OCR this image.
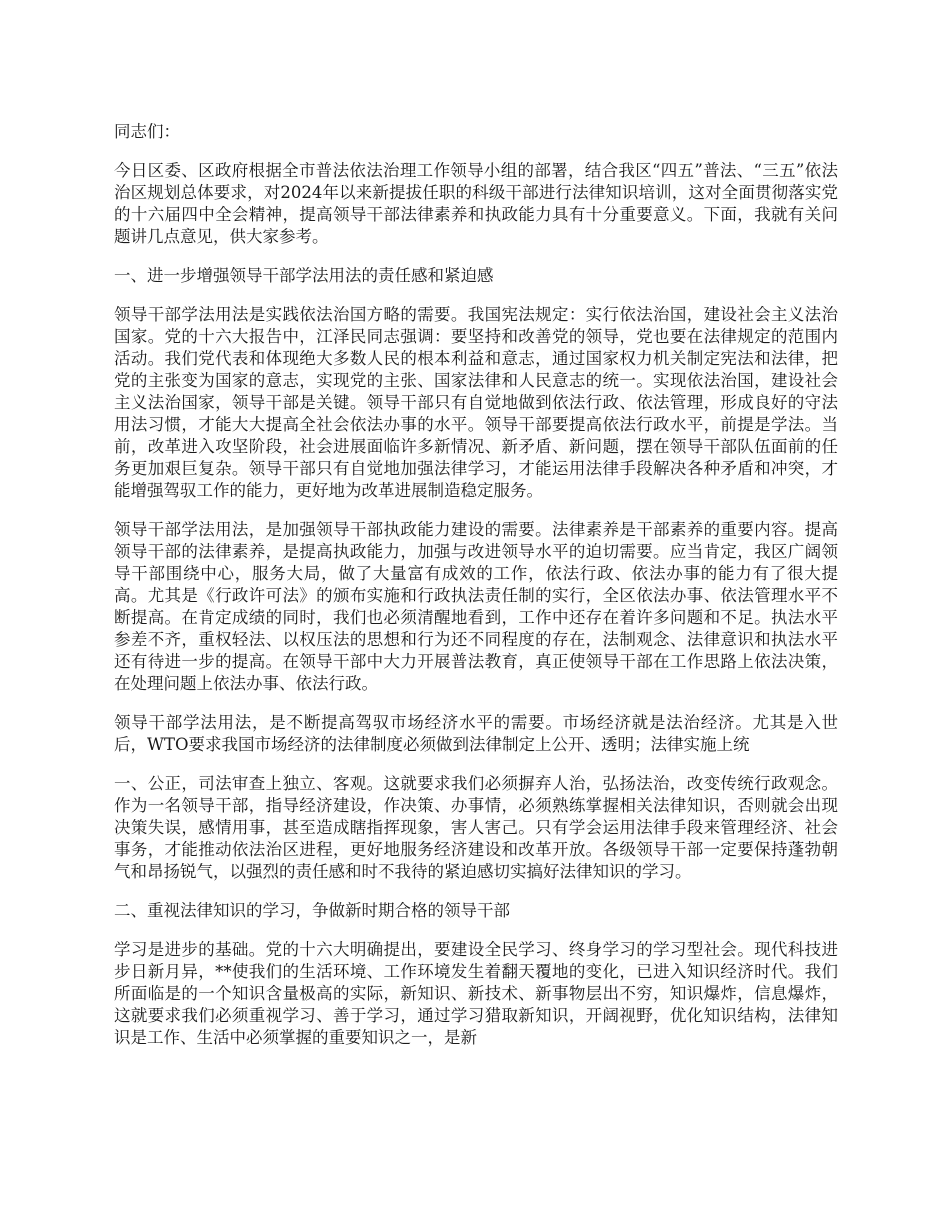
同志们：

今日区委、区政府根据全市普法依法治理工作领导小组的部署，结合我区“四五”普法、“三五”依法治区规划总体要求，对2024年以来新提拔任职的科级干部进行法律知识培训，这对全面贯彻落实党的十六届四中全会精神，提高领导干部法律素养和执政能力具有十分重要意义。下面，我就有关问题讲几点意见，供大家参考。

一、进一步增强领导干部学法用法的责任感和紧迫感

领导干部学法用法是实践依法治国方略的需要。我国宪法规定：实行依法治国，建设社会主义法治国家。党的十六大报告中，江泽民同志强调：要坚持和改善党的领导，党也要在法律规定的范围内活动。我们党代表和体现绝大多数人民的根本利益和意志，通过国家权力机关制定宪法和法律，把党的主张变为国家的意志，实现党的主张、国家法律和人民意志的统一。实现依法治国，建设社会主义法治国家，领导干部是关键。领导干部只有自觉地做到依法行政、依法管理，形成良好的守法用法习惯，才能大大提高全社会依法办事的水平。领导干部要提高依法行政水平，前提是学法。当前，改革进入攻坚阶段，社会进展面临许多新情况、新矛盾、新问题，摆在领导干部队伍面前的任务更加艰巨复杂。领导干部只有自觉地加强法律学习，才能运用法律手段解决各种矛盾和冲突，才能增强驾驭工作的能力，更好地为改革进展制造稳定服务。

领导干部学法用法，是加强领导干部执政能力建设的需要。法律素养是干部素养的重要内容。提高领导干部的法律素养，是提高执政能力，加强与改进领导水平的迫切需要。应当肯定，我区广阔领导干部围绕中心，服务大局，做了大量富有成效的工作，依法行政、依法办事的能力有了很大提高。尤其是《行政许可法》的颁布实施和行政执法责任制的实行，全区依法办事、依法管理水平不断提高。在肯定成绩的同时，我们也必须清醒地看到，工作中还存在着许多问题和不足。执法水平参差不齐，重权轻法、以权压法的思想和行为还不同程度的存在，法制观念、法律意识和执法水平还有待进一步的提高。在领导干部中大力开展普法教育，真正使领导干部在工作思路上依法决策，在处理问题上依法办事、依法行政。

领导干部学法用法，是不断提高驾驭市场经济水平的需要。市场经济就是法治经济。尤其是入世后，WTO要求我国市场经济的法律制度必须做到法律制定上公开、透明；法律实施上统

一、公正，司法审查上独立、客观。这就要求我们必须摒弃人治，弘扬法治，改变传统行政观念。作为一名领导干部，指导经济建设，作决策、办事情，必须熟练掌握相关法律知识，否则就会出现决策失误，感情用事，甚至造成瞎指挥现象，害人害己。只有学会运用法律手段来管理经济、社会事务，才能推动依法治区进程，更好地服务经济建设和改革开放。各级领导干部一定要保持蓬勃朝气和昂扬锐气，以强烈的责任感和时不我待的紧迫感切实搞好法律知识的学习。

二、重视法律知识的学习，争做新时期合格的领导干部

学习是进步的基础。党的十六大明确提出，要建设全民学习、终身学习的学习型社会。现代科技进步日新月异，**使我们的生活环境、工作环境发生着翻天覆地的变化，已进入知识经济时代。我们所面临是的一个知识含量极高的实际，新知识、新技术、新事物层出不穷，知识爆炸，信息爆炸，这就要求我们必须重视学习、善于学习，通过学习猎取新知识，开阔视野，优化知识结构，法律知识是工作、生活中必须掌握的重要知识之一，是新
